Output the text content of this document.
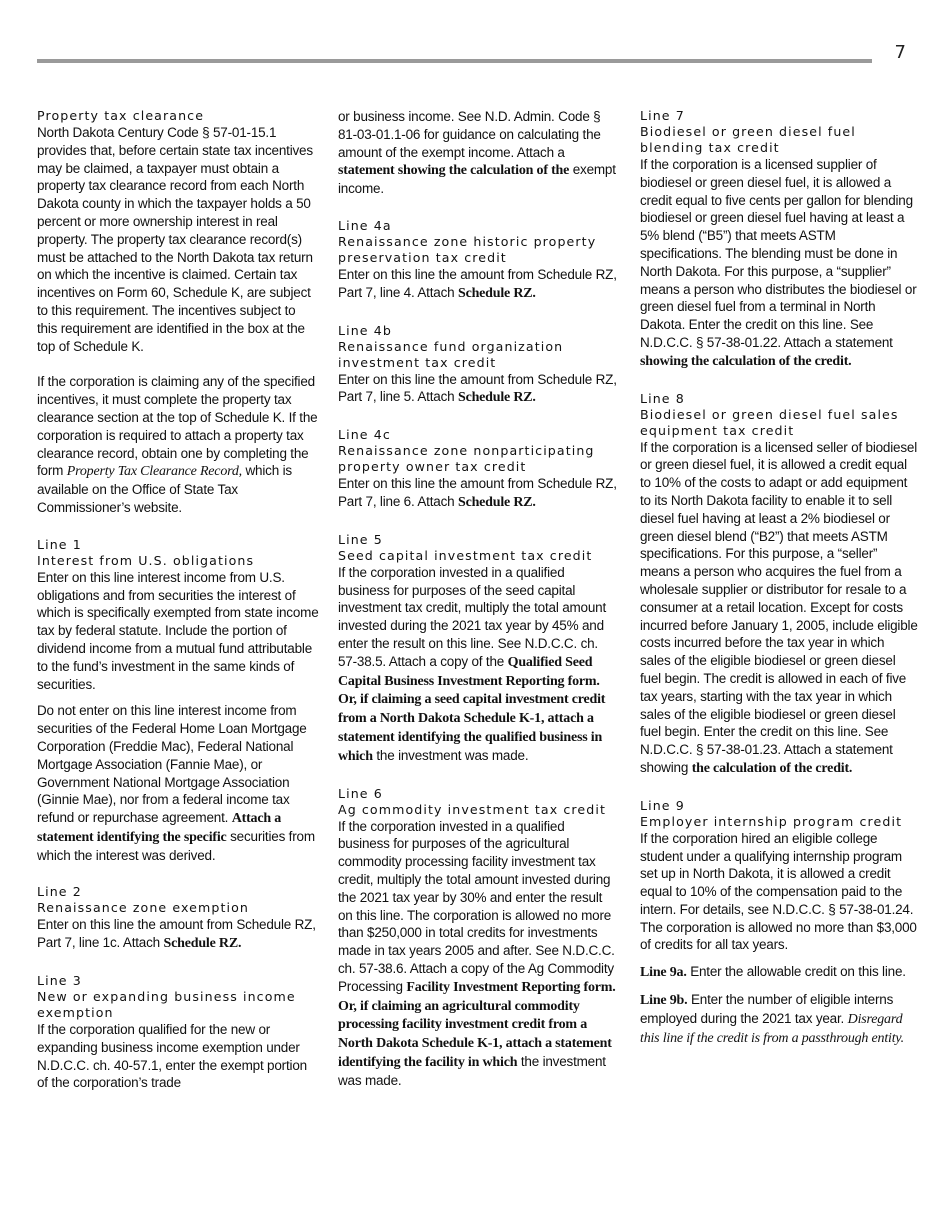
7
Property tax clearance

North Dakota Century Code § 57-01-15.1 provides that, before certain state tax incentives may be claimed, a taxpayer must obtain a property tax clearance record from each North Dakota county in which the taxpayer holds a 50 percent or more ownership interest in real property. The property tax clearance record(s) must be attached to the North Dakota tax return on which the incentive is claimed. Certain tax incentives on Form 60, Schedule K, are subject to this requirement. The incentives subject to this requirement are identified in the box at the top of Schedule K.

If the corporation is claiming any of the specified incentives, it must complete the property tax clearance section at the top of Schedule K. If the corporation is required to attach a property tax clearance record, obtain one by completing the form Property Tax Clearance Record, which is available on the Office of State Tax Commissioner’s website.

Line 1
Interest from U.S. obligations

Enter on this line interest income from U.S. obligations and from securities the interest of which is specifically exempted from state income tax by federal statute. Include the portion of dividend income from a mutual fund attributable to the fund’s investment in the same kinds of securities.

Do not enter on this line interest income from securities of the Federal Home Loan Mortgage Corporation (Freddie Mac), Federal National Mortgage Association (Fannie Mae), or Government National Mortgage Association (Ginnie Mae), nor from a federal income tax refund or repurchase agreement. Attach a statement identifying the specific securities from which the interest was derived.

Line 2
Renaissance zone exemption

Enter on this line the amount from Schedule RZ, Part 7, line 1c. Attach Schedule RZ.

Line 3
New or expanding business income exemption

If the corporation qualified for the new or expanding business income exemption under N.D.C.C. ch. 40-57.1, enter the exempt portion of the corporation’s trade

or business income. See N.D. Admin. Code § 81-03-01.1-06 for guidance on calculating the amount of the exempt income. Attach a statement showing the calculation of the exempt income.

Line 4a
Renaissance zone historic property preservation tax credit

Enter on this line the amount from Schedule RZ, Part 7, line 4. Attach Schedule RZ.

Line 4b
Renaissance fund organization investment tax credit

Enter on this line the amount from Schedule RZ, Part 7, line 5. Attach Schedule RZ.

Line 4c
Renaissance zone nonparticipating property owner tax credit

Enter on this line the amount from Schedule RZ, Part 7, line 6. Attach Schedule RZ.

Line 5
Seed capital investment tax credit

If the corporation invested in a qualified business for purposes of the seed capital investment tax credit, multiply the total amount invested during the 2021 tax year by 45% and enter the result on this line. See N.D.C.C. ch. 57-38.5. Attach a copy of the Qualified Seed Capital Business Investment Reporting form. Or, if claiming a seed capital investment credit from a North Dakota Schedule K-1, attach a statement identifying the qualified business in which the investment was made.

Line 6
Ag commodity investment tax credit

If the corporation invested in a qualified business for purposes of the agricultural commodity processing facility investment tax credit, multiply the total amount invested during the 2021 tax year by 30% and enter the result on this line. The corporation is allowed no more than $250,000 in total credits for investments made in tax years 2005 and after. See N.D.C.C. ch. 57-38.6. Attach a copy of the Ag Commodity Processing Facility Investment Reporting form. Or, if claiming an agricultural commodity processing facility investment credit from a North Dakota Schedule K-1, attach a statement identifying the facility in which the investment was made.

Line 7
Biodiesel or green diesel fuel blending tax credit

If the corporation is a licensed supplier of biodiesel or green diesel fuel, it is allowed a credit equal to five cents per gallon for blending biodiesel or green diesel fuel having at least a 5% blend (“B5”) that meets ASTM specifications. The blending must be done in North Dakota. For this purpose, a “supplier” means a person who distributes the biodiesel or green diesel fuel from a terminal in North Dakota. Enter the credit on this line. See N.D.C.C. § 57-38-01.22. Attach a statement showing the calculation of the credit.

Line 8
Biodiesel or green diesel fuel sales equipment tax credit

If the corporation is a licensed seller of biodiesel or green diesel fuel, it is allowed a credit equal to 10% of the costs to adapt or add equipment to its North Dakota facility to enable it to sell diesel fuel having at least a 2% biodiesel or green diesel blend (“B2”) that meets ASTM specifications. For this purpose, a “seller” means a person who acquires the fuel from a wholesale supplier or distributor for resale to a consumer at a retail location. Except for costs incurred before January 1, 2005, include eligible costs incurred before the tax year in which sales of the eligible biodiesel or green diesel fuel begin. The credit is allowed in each of five tax years, starting with the tax year in which sales of the eligible biodiesel or green diesel fuel begin. Enter the credit on this line. See N.D.C.C. § 57-38-01.23. Attach a statement showing the calculation of the credit.

Line 9
Employer internship program credit

If the corporation hired an eligible college student under a qualifying internship program set up in North Dakota, it is allowed a credit equal to 10% of the compensation paid to the intern. For details, see N.D.C.C. § 57-38-01.24. The corporation is allowed no more than $3,000 of credits for all tax years.

Line 9a. Enter the allowable credit on this line.

Line 9b. Enter the number of eligible interns employed during the 2021 tax year. Disregard this line if the credit is from a passthrough entity.
